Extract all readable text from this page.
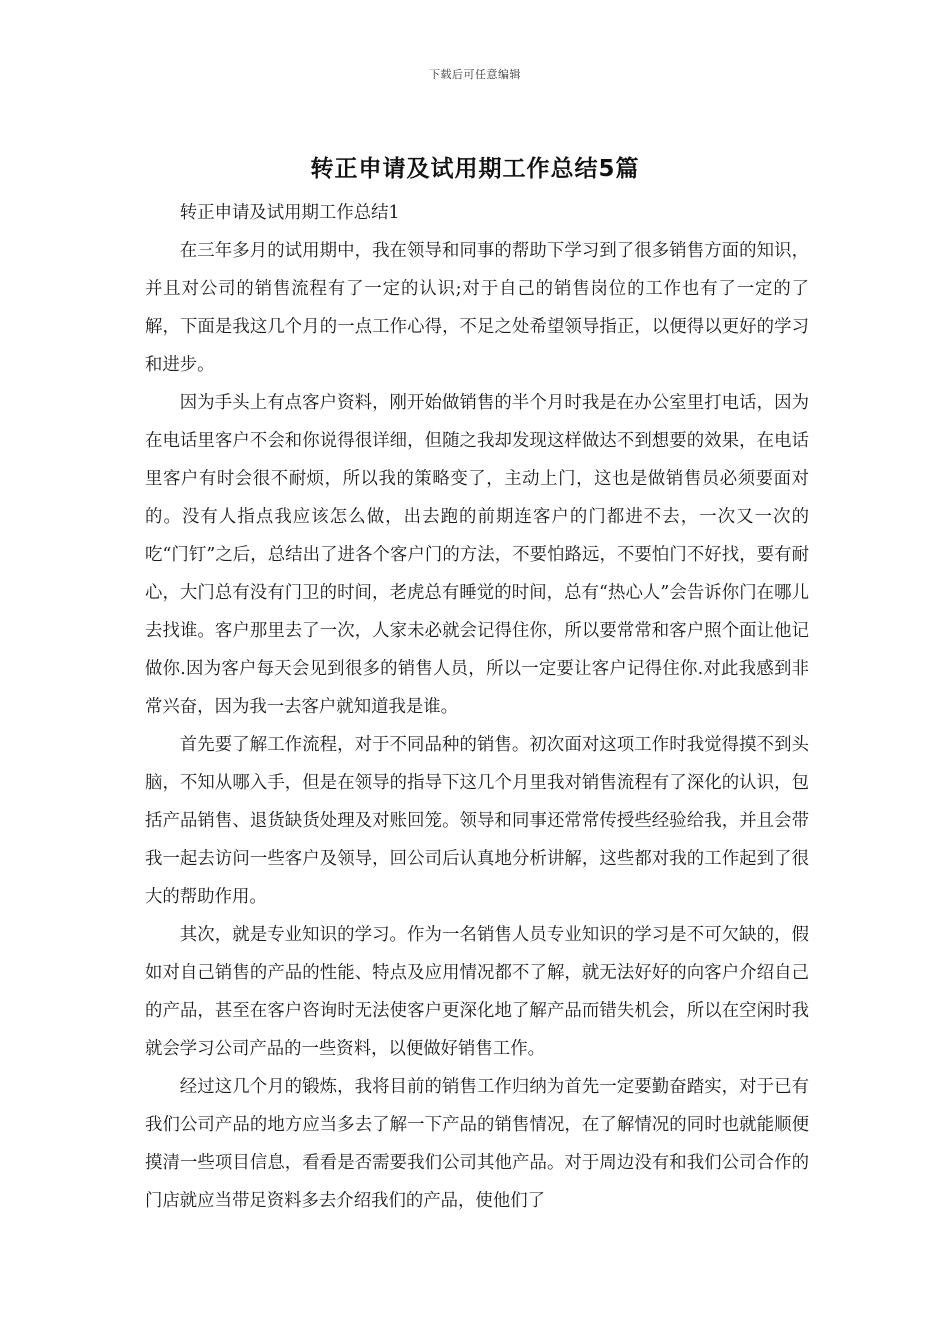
下载后可任意编辑
转正申请及试用期工作总结5篇

转正申请及试用期工作总结1

在三年多月的试用期中，我在领导和同事的帮助下学习到了很多销售方面的知识，并且对公司的销售流程有了一定的认识;对于自己的销售岗位的工作也有了一定的了解，下面是我这几个月的一点工作心得，不足之处希望领导指正，以便得以更好的学习和进步。

因为手头上有点客户资料，刚开始做销售的半个月时我是在办公室里打电话，因为在电话里客户不会和你说得很详细，但随之我却发现这样做达不到想要的效果，在电话里客户有时会很不耐烦，所以我的策略变了，主动上门，这也是做销售员必须要面对的。没有人指点我应该怎么做，出去跑的前期连客户的门都进不去，一次又一次的吃“门钉”之后，总结出了进各个客户门的方法，不要怕路远，不要怕门不好找，要有耐心，大门总有没有门卫的时间，老虎总有睡觉的时间，总有“热心人”会告诉你门在哪儿去找谁。客户那里去了一次，人家未必就会记得住你，所以要常常和客户照个面让他记做你.因为客户每天会见到很多的销售人员，所以一定要让客户记得住你.对此我感到非常兴奋，因为我一去客户就知道我是谁。

首先要了解工作流程，对于不同品种的销售。初次面对这项工作时我觉得摸不到头脑，不知从哪入手，但是在领导的指导下这几个月里我对销售流程有了深化的认识，包括产品销售、退货缺货处理及对账回笼。领导和同事还常常传授些经验给我，并且会带我一起去访问一些客户及领导，回公司后认真地分析讲解，这些都对我的工作起到了很大的帮助作用。

其次，就是专业知识的学习。作为一名销售人员专业知识的学习是不可欠缺的，假如对自己销售的产品的性能、特点及应用情况都不了解，就无法好好的向客户介绍自己的产品，甚至在客户咨询时无法使客户更深化地了解产品而错失机会，所以在空闲时我就会学习公司产品的一些资料，以便做好销售工作。

经过这几个月的锻炼，我将目前的销售工作归纳为首先一定要勤奋踏实，对于已有我们公司产品的地方应当多去了解一下产品的销售情况，在了解情况的同时也就能顺便摸清一些项目信息，看看是否需要我们公司其他产品。对于周边没有和我们公司合作的门店就应当带足资料多去介绍我们的产品，使他们了
